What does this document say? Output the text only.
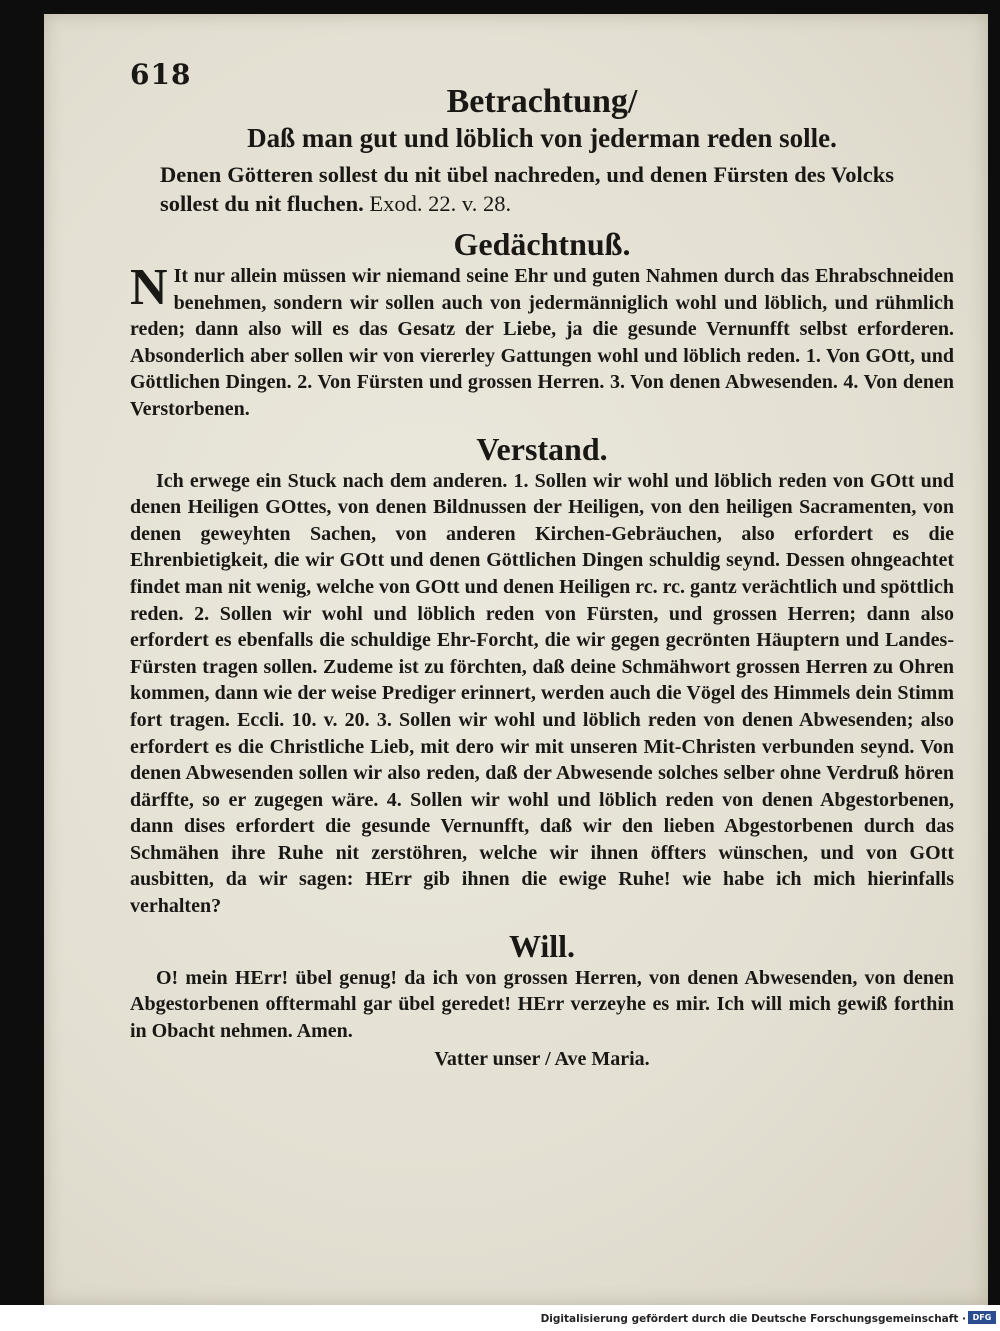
618
Betrachtung/
Daß man gut und löblich von jederman reden solle.
Denen Götteren sollest du nit übel nachreden, und denen Fürsten des Volcks sollest du nit fluchen. Exod. 22. v. 28.
Gedächtnuß.

N It nur allein müssen wir niemand seine Ehr und guten Nahmen durch das Ehrabschneiden benehmen, sondern wir sollen auch von jedermänniglich wohl und löblich, und rühmlich reden; dann also will es das Gesatz der Liebe, ja die gesunde Vernunfft selbst erforderen. Absonderlich aber sollen wir von viererley Gattungen wohl und löblich reden. 1. Von GOtt, und Göttlichen Dingen. 2. Von Fürsten und grossen Herren. 3. Von denen Abwesenden. 4. Von denen Verstorbenen.

Verstand.

Ich erwege ein Stuck nach dem anderen. 1. Sollen wir wohl und löblich reden von GOtt und denen Heiligen GOttes, von denen Bildnussen der Heiligen, von den heiligen Sacramenten, von denen geweyhten Sachen, von anderen Kirchen-Gebräuchen, also erfordert es die Ehrenbietigkeit, die wir GOtt und denen Göttlichen Dingen schuldig seynd. Dessen ohngeachtet findet man nit wenig, welche von GOtt und denen Heiligen rc. rc. gantz verächtlich und spöttlich reden. 2. Sollen wir wohl und löblich reden von Fürsten, und grossen Herren; dann also erfordert es ebenfalls die schuldige Ehr-Forcht, die wir gegen gecrönten Häuptern und Landes-Fürsten tragen sollen. Zudeme ist zu förchten, daß deine Schmähwort grossen Herren zu Ohren kommen, dann wie der weise Prediger erinnert, werden auch die Vögel des Himmels dein Stimm fort tragen. Eccli. 10. v. 20. 3. Sollen wir wohl und löblich reden von denen Abwesenden; also erfordert es die Christliche Lieb, mit dero wir mit unseren Mit-Christen verbunden seynd. Von denen Abwesenden sollen wir also reden, daß der Abwesende solches selber ohne Verdruß hören därffte, so er zugegen wäre. 4. Sollen wir wohl und löblich reden von denen Abgestorbenen, dann dises erfordert die gesunde Vernunfft, daß wir den lieben Abgestorbenen durch das Schmähen ihre Ruhe nit zerstöhren, welche wir ihnen öffters wünschen, und von GOtt ausbitten, da wir sagen: HErr gib ihnen die ewige Ruhe! wie habe ich mich hierinfalls verhalten?

Will.

O! mein HErr! übel genug! da ich von grossen Herren, von denen Abwesenden, von denen Abgestorbenen offtermahl gar übel geredet! HErr verzeyhe es mir. Ich will mich gewiß forthin in Obacht nehmen. Amen.

Vatter unser / Ave Maria.
Digitalisierung gefördert durch die Deutsche Forschungsgemeinschaft · DFG
